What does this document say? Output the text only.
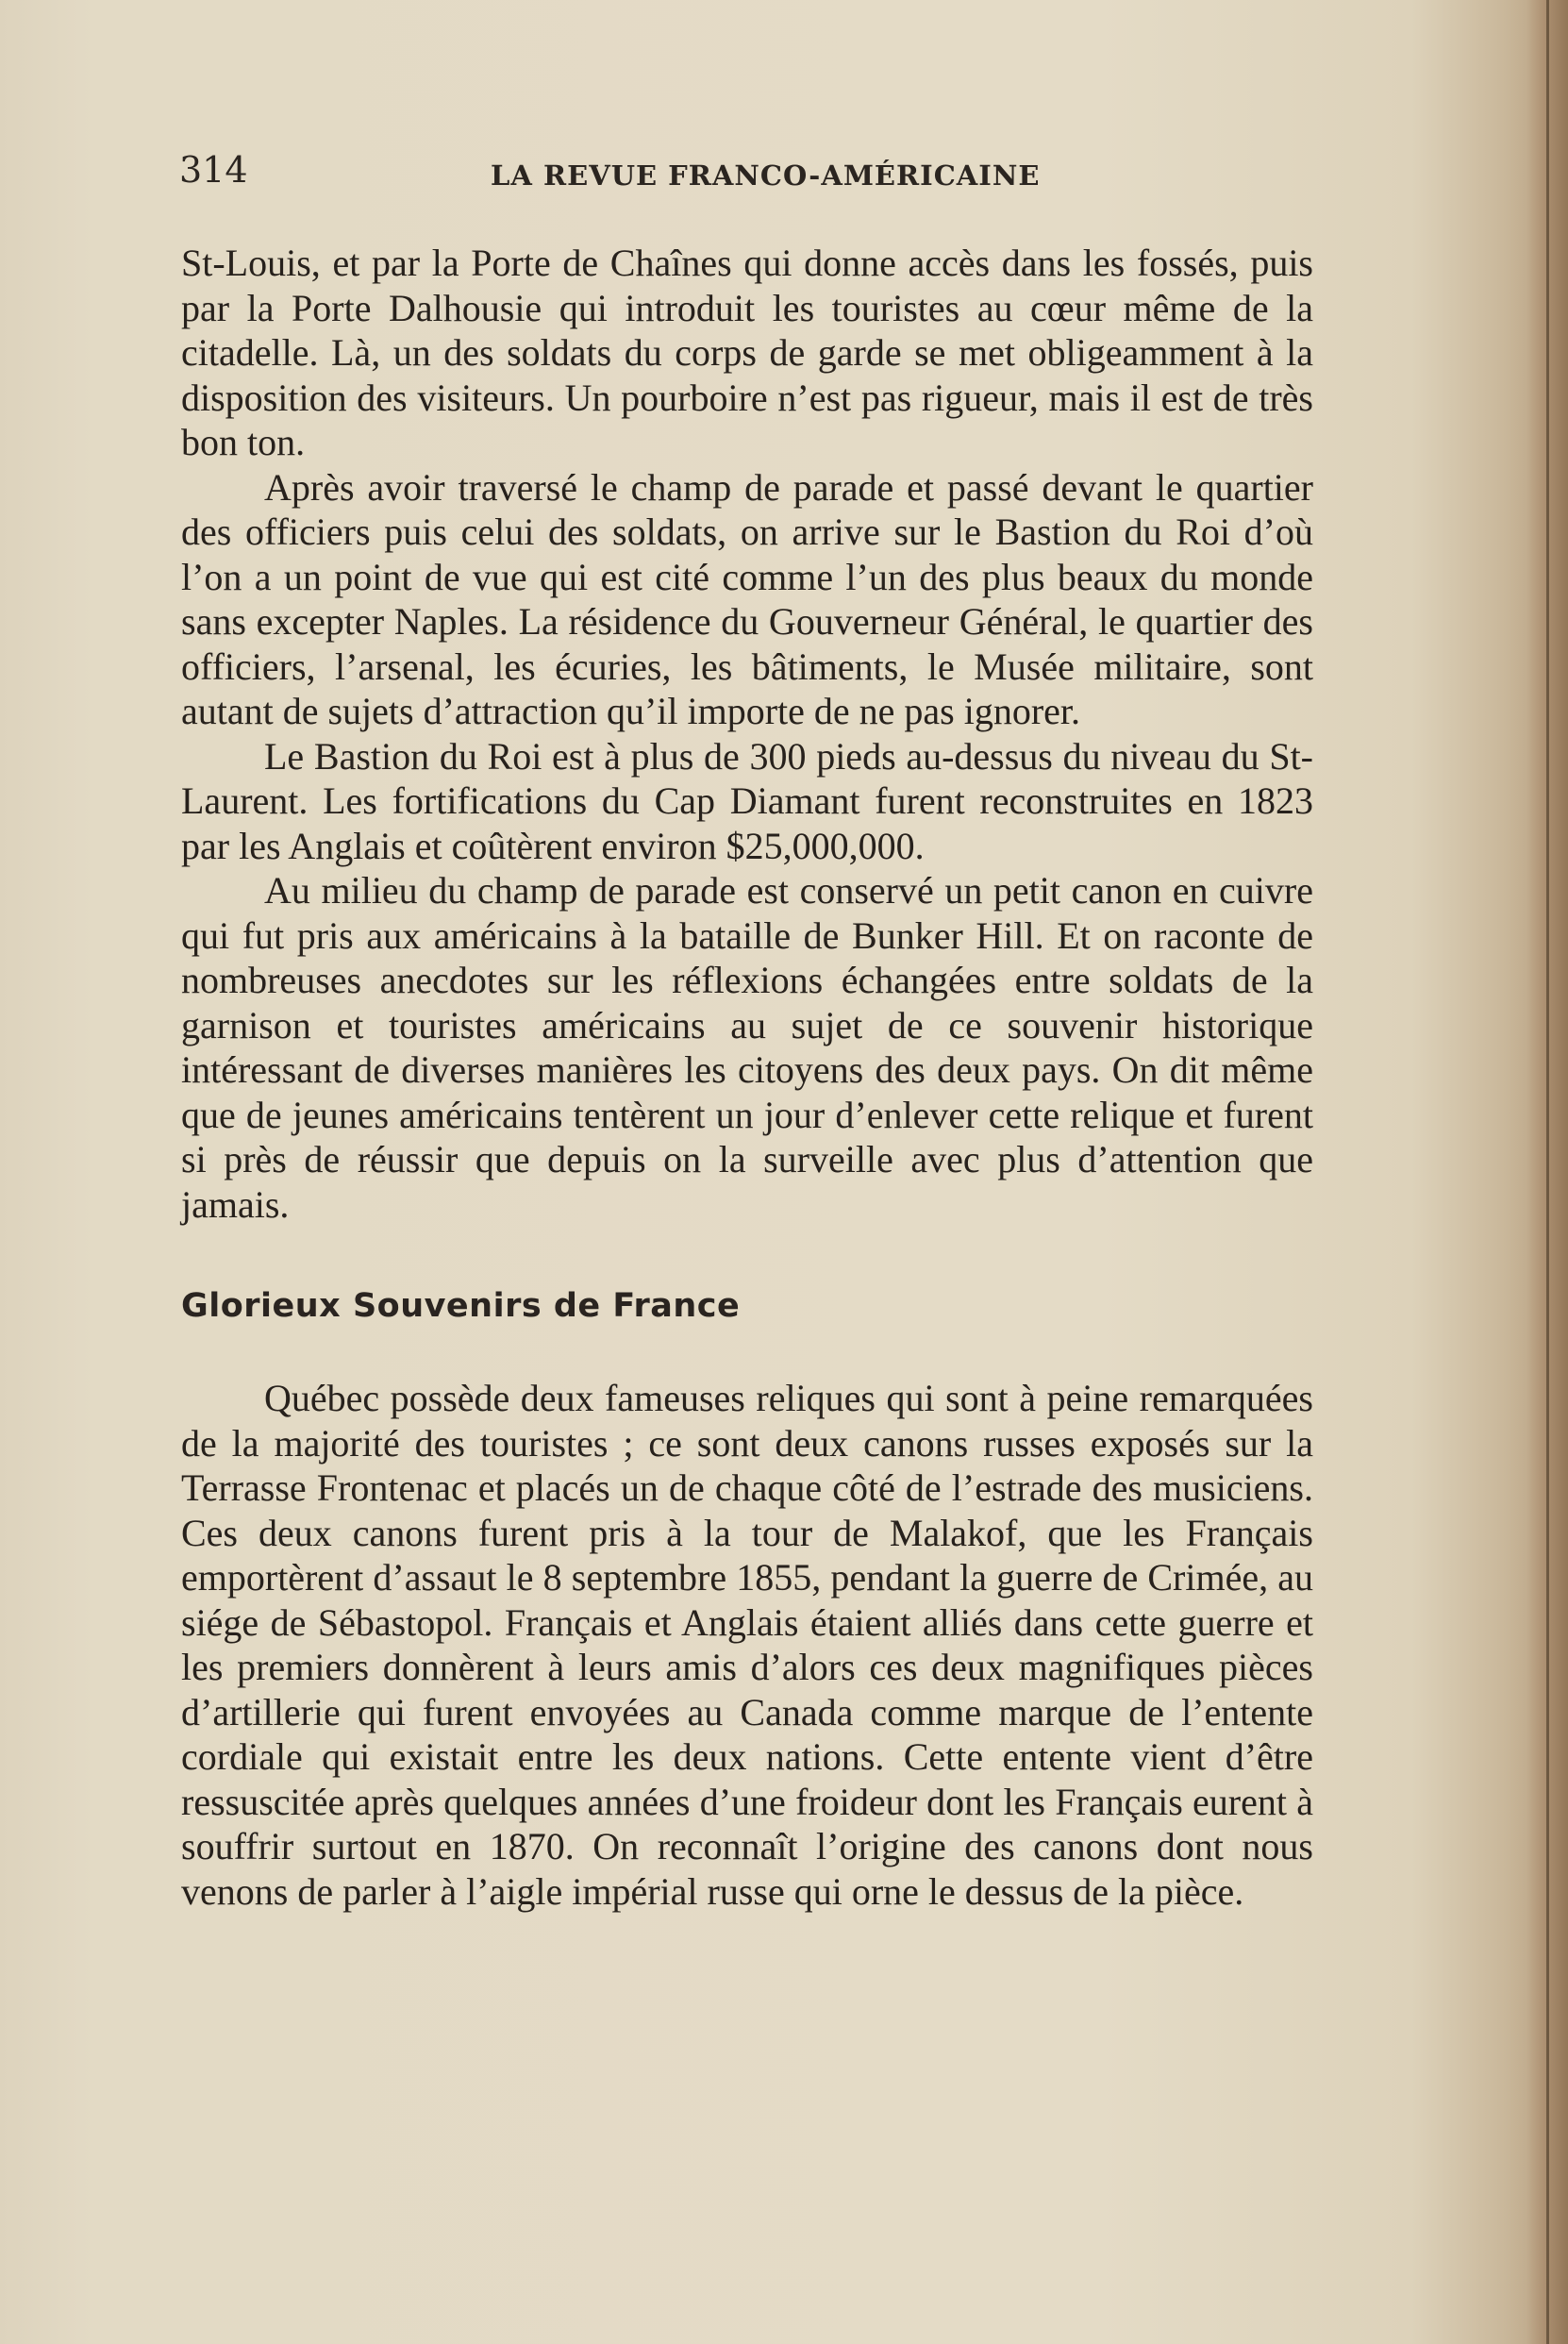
314	LA REVUE FRANCO-AMÉRICAINE

St-Louis, et par la Porte de Chaînes qui donne accès dans les fossés, puis par la Porte Dalhousie qui introduit les touristes au cœur même de la citadelle. Là, un des soldats du corps de garde se met obligeamment à la disposition des visiteurs. Un pourboire n’est pas rigueur, mais il est de très bon ton.

Après avoir traversé le champ de parade et passé devant le quartier des officiers puis celui des soldats, on arrive sur le Bastion du Roi d’où l’on a un point de vue qui est cité comme l’un des plus beaux du monde sans excepter Naples. La résidence du Gouverneur Général, le quartier des officiers, l’arsenal, les écuries, les bâtiments, le Musée militaire, sont autant de sujets d’attraction qu’il importe de ne pas ignorer.

Le Bastion du Roi est à plus de 300 pieds au-dessus du niveau du St-Laurent. Les fortifications du Cap Diamant furent reconstruites en 1823 par les Anglais et coûtèrent environ $25,000,000.

Au milieu du champ de parade est conservé un petit canon en cuivre qui fut pris aux américains à la bataille de Bunker Hill. Et on raconte de nombreuses anecdotes sur les réflexions échangées entre soldats de la garnison et touristes américains au sujet de ce souvenir historique intéressant de diverses manières les citoyens des deux pays. On dit même que de jeunes américains tentèrent un jour d’enlever cette relique et furent si près de réussir que depuis on la surveille avec plus d’attention que jamais.

Glorieux Souvenirs de France

Québec possède deux fameuses reliques qui sont à peine remarquées de la majorité des touristes ; ce sont deux canons russes exposés sur la Terrasse Frontenac et placés un de chaque côté de l’estrade des musiciens. Ces deux canons furent pris à la tour de Malakof, que les Français emportèrent d’assaut le 8 septembre 1855, pendant la guerre de Crimée, au siége de Sébastopol. Français et Anglais étaient alliés dans cette guerre et les premiers donnèrent à leurs amis d’alors ces deux magnifiques pièces d’artillerie qui furent envoyées au Canada comme marque de l’entente cordiale qui existait entre les deux nations. Cette entente vient d’être ressuscitée après quelques années d’une froideur dont les Français eurent à souffrir surtout en 1870. On reconnaît l’origine des canons dont nous venons de parler à l’aigle impérial russe qui orne le dessus de la pièce.
